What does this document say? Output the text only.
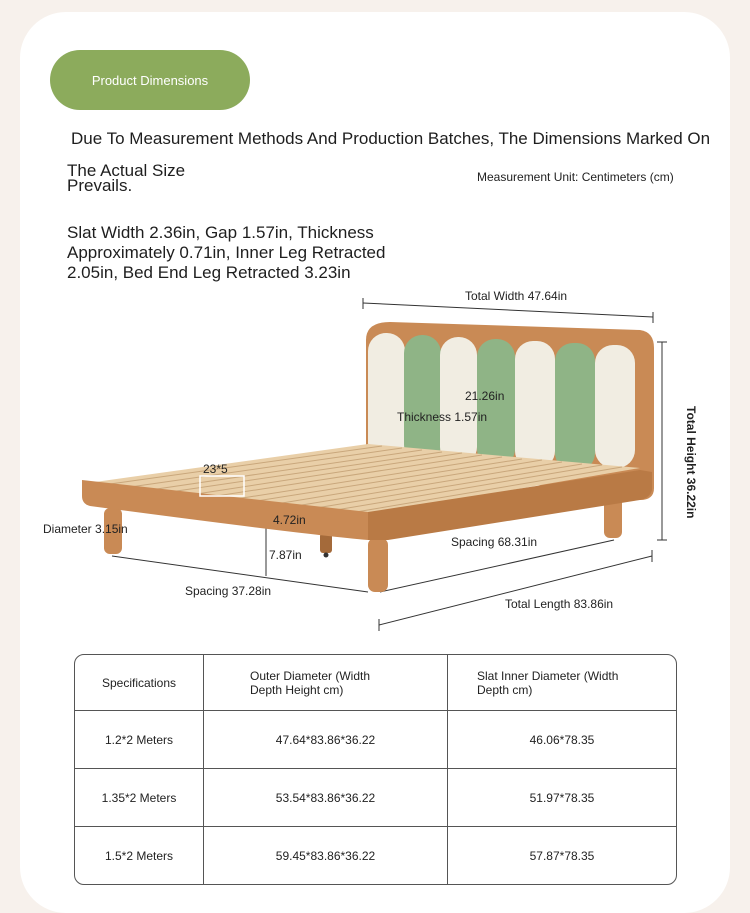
Product Dimensions
Due To Measurement Methods And Production Batches, The Dimensions Marked On
The Actual Size
Prevails.	Measurement Unit: Centimeters (cm)
Slat Width 2.36in, Gap 1.57in, Thickness Approximately 0.71in, Inner Leg Retracted 2.05in, Bed End Leg Retracted 3.23in
Total Width 47.64in
Total Height 36.22in
21.26in
Thickness 1.57in
23*5
Diameter 3.15in
4.72in
7.87in
Spacing 68.31in
Spacing 37.28in
Total Length 83.86in
Specifications	Outer Diameter (Width Depth Height cm)	Slat Inner Diameter (Width Depth cm)

1.2*2 Meters	47.64*83.86*36.22	46.06*78.35
1.35*2 Meters	53.54*83.86*36.22	51.97*78.35
1.5*2 Meters	59.45*83.86*36.22	57.87*78.35
